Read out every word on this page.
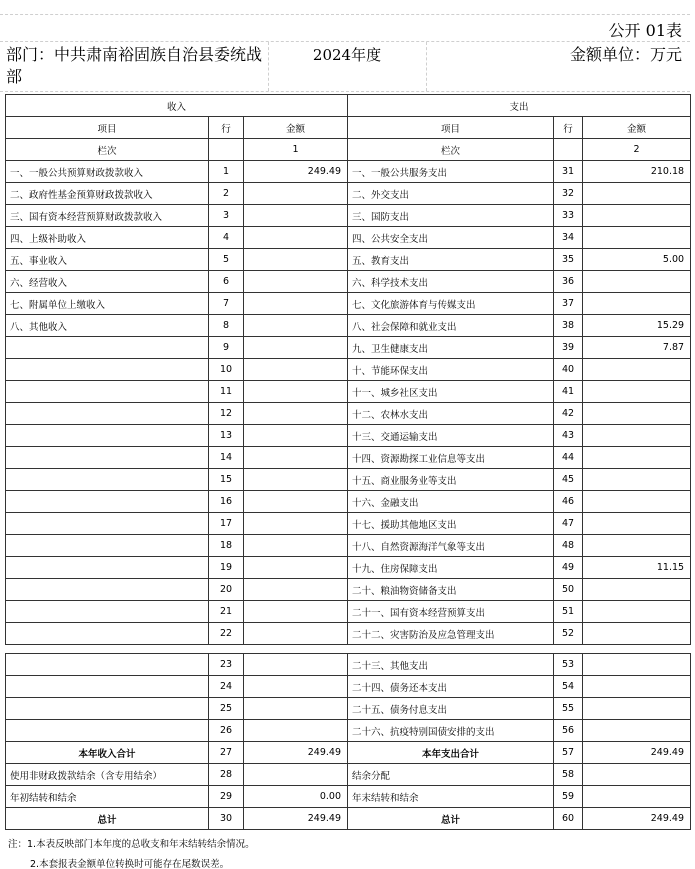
公开 01表
部门：中共肃南裕固族自治县委统战部
2024年度	金额单位：万元
收入			支出		
项目	行	金额	项目	行	金额
栏次		1	栏次		2
一、一般公共预算财政拨款收入	1	249.49	一、一般公共服务支出	31	210.18
二、政府性基金预算财政拨款收入	2		二、外交支出	32	
三、国有资本经营预算财政拨款收入	3		三、国防支出	33	
四、上级补助收入	4		四、公共安全支出	34	
五、事业收入	5		五、教育支出	35	5.00
六、经营收入	6		六、科学技术支出	36	
七、附属单位上缴收入	7		七、文化旅游体育与传媒支出	37	
八、其他收入	8		八、社会保障和就业支出	38	15.29
	9		九、卫生健康支出	39	7.87
	10		十、节能环保支出	40	
	11		十一、城乡社区支出	41	
	12		十二、农林水支出	42	
	13		十三、交通运输支出	43	
	14		十四、资源勘探工业信息等支出	44	
	15		十五、商业服务业等支出	45	
	16		十六、金融支出	46	
	17		十七、援助其他地区支出	47	
	18		十八、自然资源海洋气象等支出	48	
	19		十九、住房保障支出	49	11.15
	20		二十、粮油物资储备支出	50	
	21		二十一、国有资本经营预算支出	51	
	22		二十二、灾害防治及应急管理支出	52	
	23		二十三、其他支出	53	
	24		二十四、债务还本支出	54	
	25		二十五、债务付息支出	55	
	26		二十六、抗疫特别国债安排的支出	56	
本年收入合计	27	249.49	本年支出合计	57	249.49
使用非财政拨款结余（含专用结余）	28		结余分配	58	
年初结转和结余	29	0.00	年末结转和结余	59	
总计	30	249.49	总计	60	249.49
注：1.本表反映部门本年度的总收支和年末结转结余情况。
2.本套报表金额单位转换时可能存在尾数误差。
